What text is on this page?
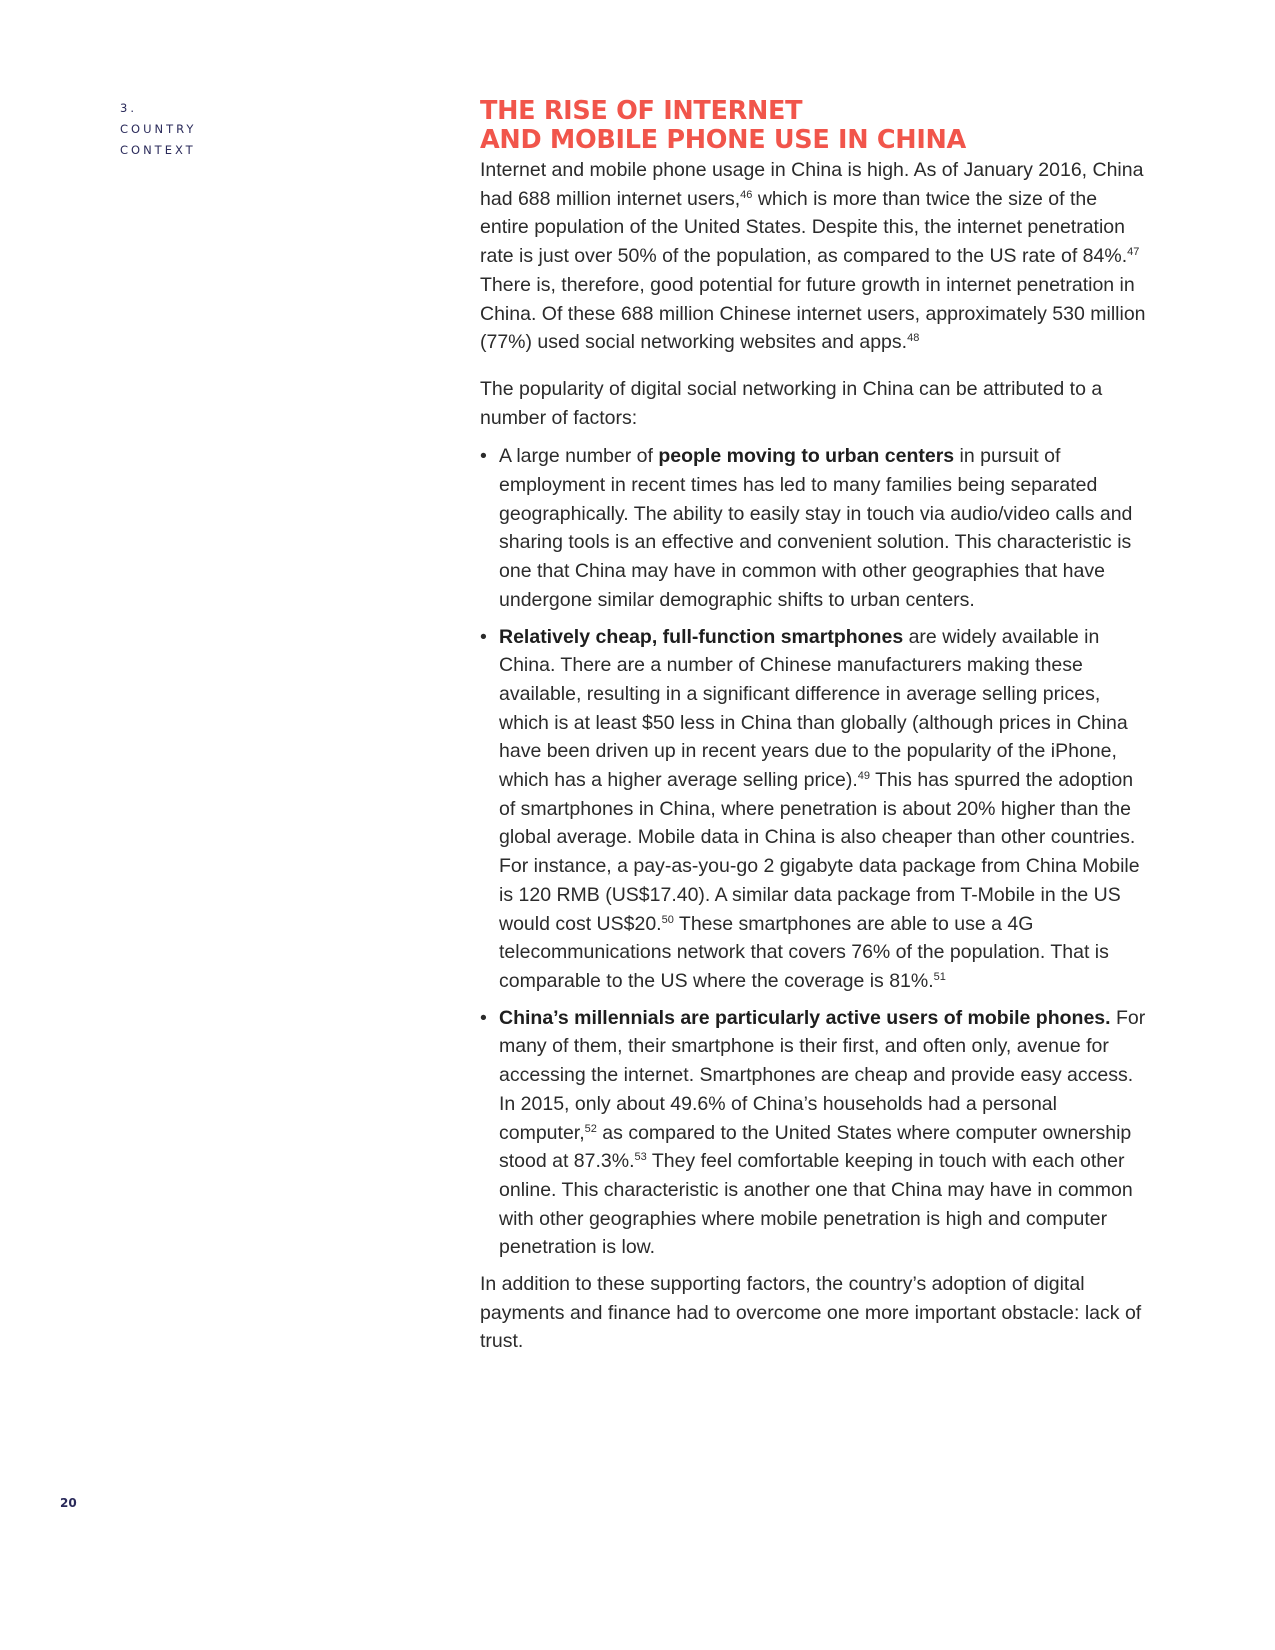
3.
COUNTRY
CONTEXT
THE RISE OF INTERNET
AND MOBILE PHONE USE IN CHINA

Internet and mobile phone usage in China is high. As of January 2016, China had 688 million internet users,$^{46}$ which is more than twice the size of the entire population of the United States. Despite this, the internet penetration rate is just over 50% of the population, as compared to the US rate of 84%.$^{47}$ There is, therefore, good potential for future growth in internet penetration in China. Of these 688 million Chinese internet users, approximately 530 million (77%) used social networking websites and apps.$^{48}$

The popularity of digital social networking in China can be attributed to a number of factors:

• A large number of people moving to urban centers in pursuit of employment in recent times has led to many families being separated geographically. The ability to easily stay in touch via audio/video calls and sharing tools is an effective and convenient solution. This characteristic is one that China may have in common with other geographies that have undergone similar demographic shifts to urban centers.
• Relatively cheap, full-function smartphones are widely available in China. There are a number of Chinese manufacturers making these available, resulting in a significant difference in average selling prices, which is at least $50 less in China than globally (although prices in China have been driven up in recent years due to the popularity of the iPhone, which has a higher average selling price).$^{49}$ This has spurred the adoption of smartphones in China, where penetration is about 20% higher than the global average. Mobile data in China is also cheaper than other countries. For instance, a pay-as-you-go 2 gigabyte data package from China Mobile is 120 RMB (US$17.40). A similar data package from T-Mobile in the US would cost US$20.50 These smartphones are able to use a 4G telecommunications network that covers 76% of the population. That is comparable to the US where the coverage is 81%.$^{51}$
• China’s millennials are particularly active users of mobile phones. For many of them, their smartphone is their first, and often only, avenue for accessing the internet. Smartphones are cheap and provide easy access. In 2015, only about 49.6% of China’s households had a personal computer,$^{52}$ as compared to the United States where computer ownership stood at 87.3%.$^{53}$ They feel comfortable keeping in touch with each other online. This characteristic is another one that China may have in common with other geographies where mobile penetration is high and computer penetration is low.

In addition to these supporting factors, the country’s adoption of digital payments and finance had to overcome one more important obstacle: lack of trust.

20
